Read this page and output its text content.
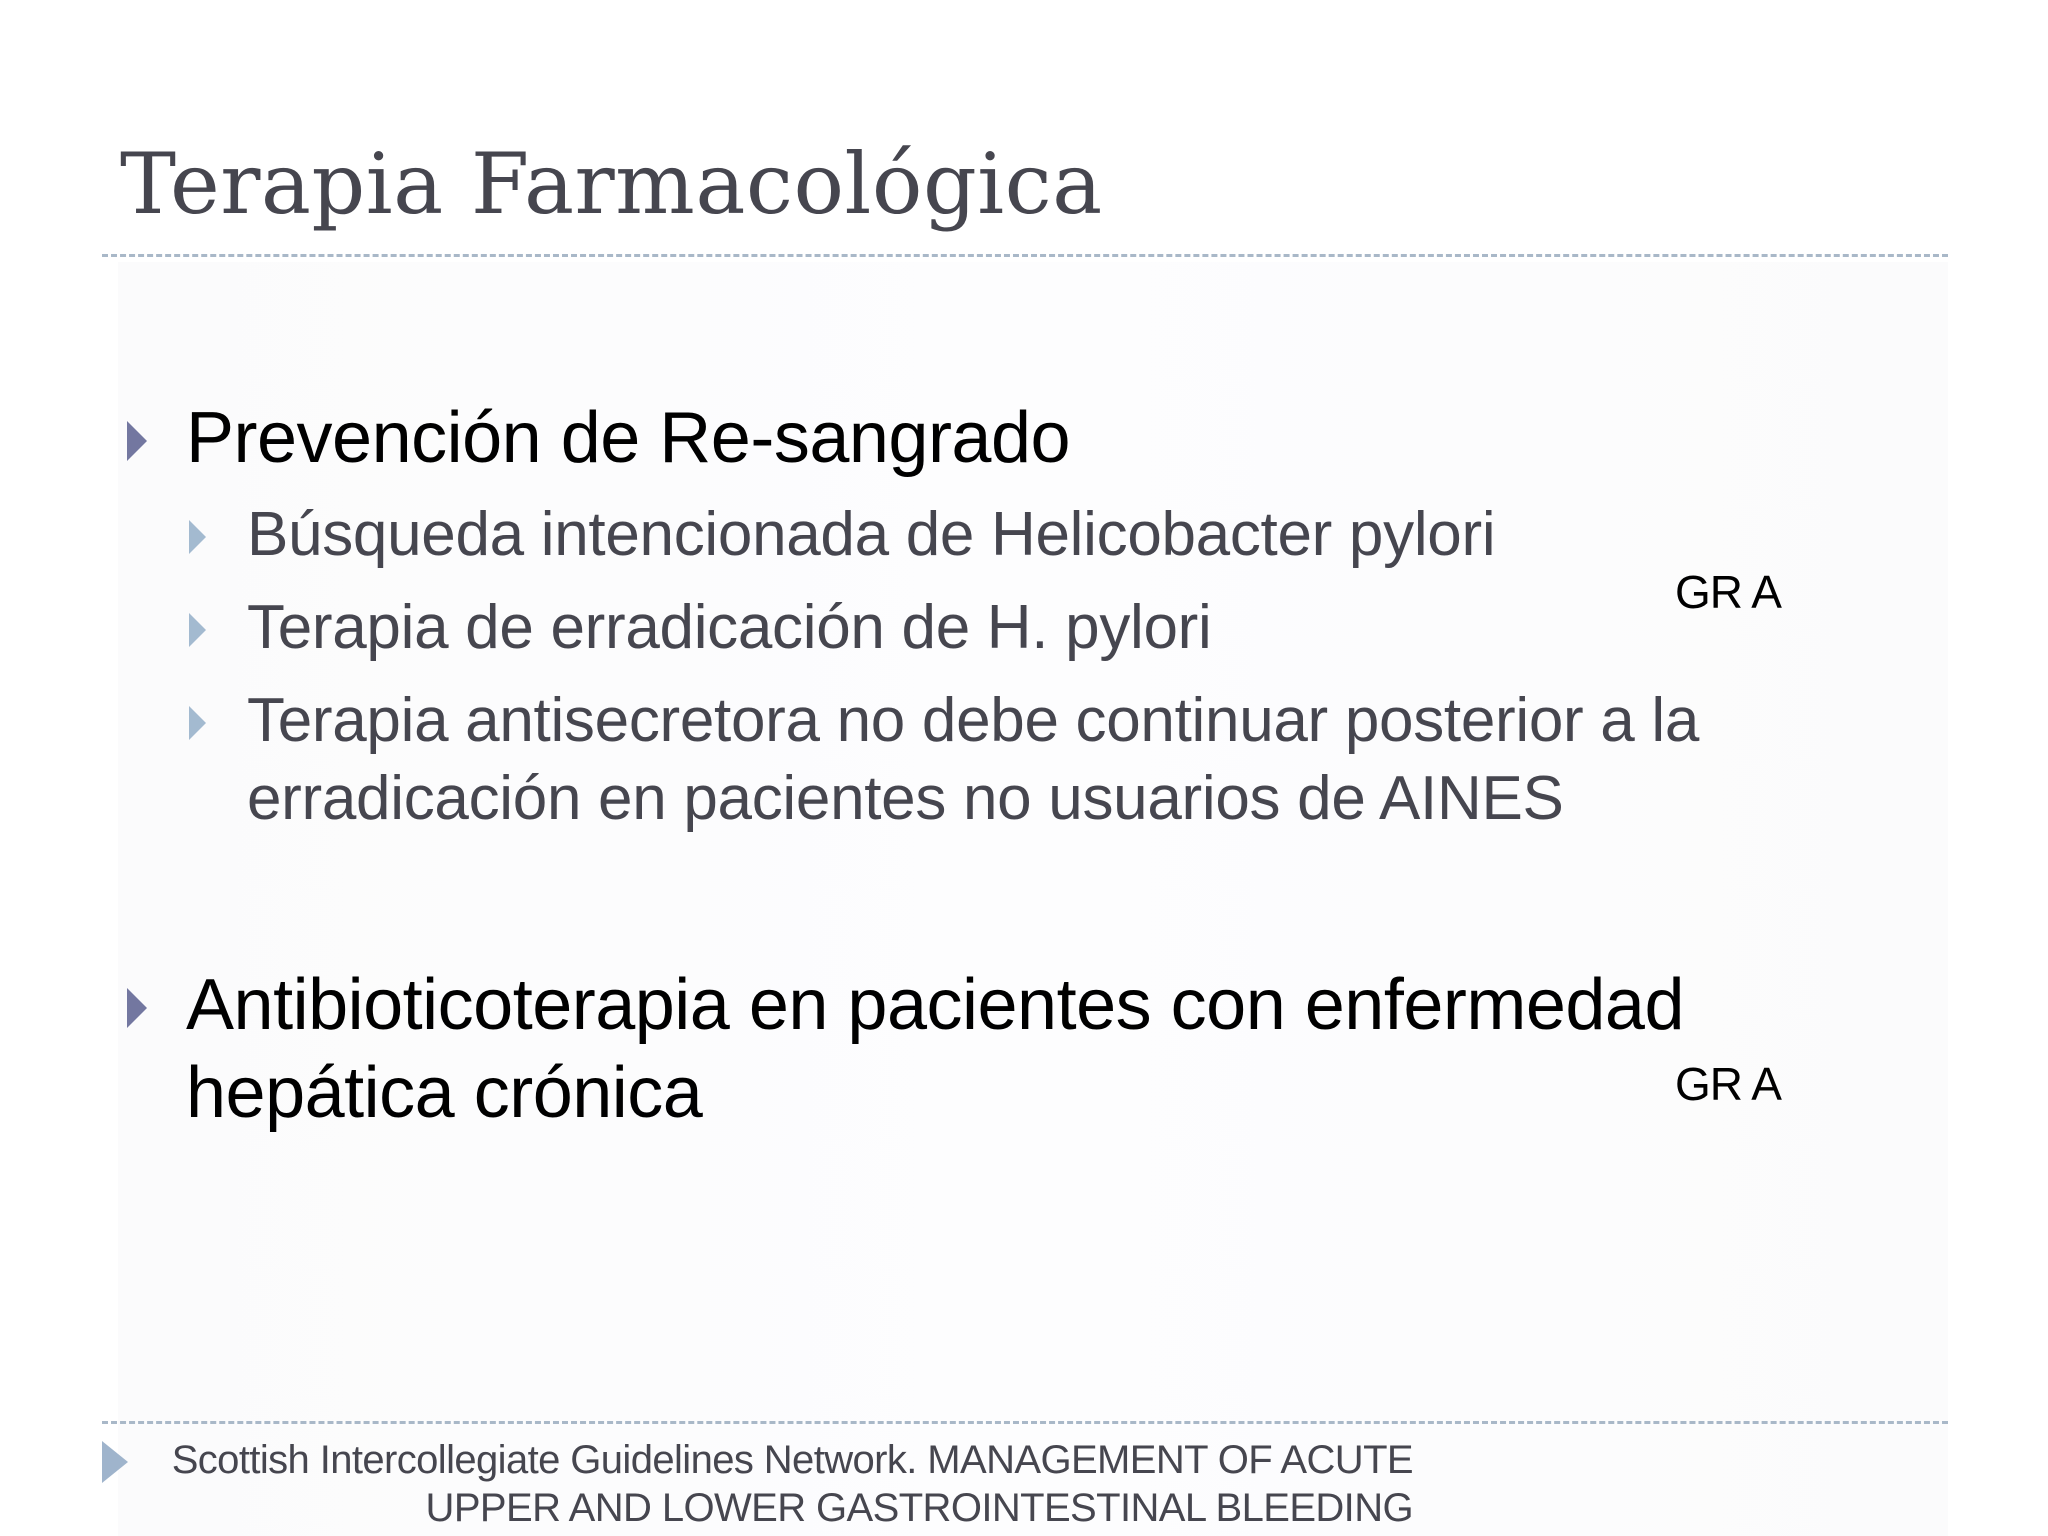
Terapia Farmacológica
Prevención de Re-sangrado
Búsqueda intencionada de Helicobacter pylori
Terapia de erradicación de H. pylori
Terapia antisecretora no debe continuar posterior a la
erradicación en pacientes no usuarios de AINES
GR A
Antibioticoterapia en pacientes con enfermedad
hepática crónica	GR A
Scottish Intercollegiate Guidelines Network. MANAGEMENT OF ACUTE
UPPER AND LOWER GASTROINTESTINAL BLEEDING
